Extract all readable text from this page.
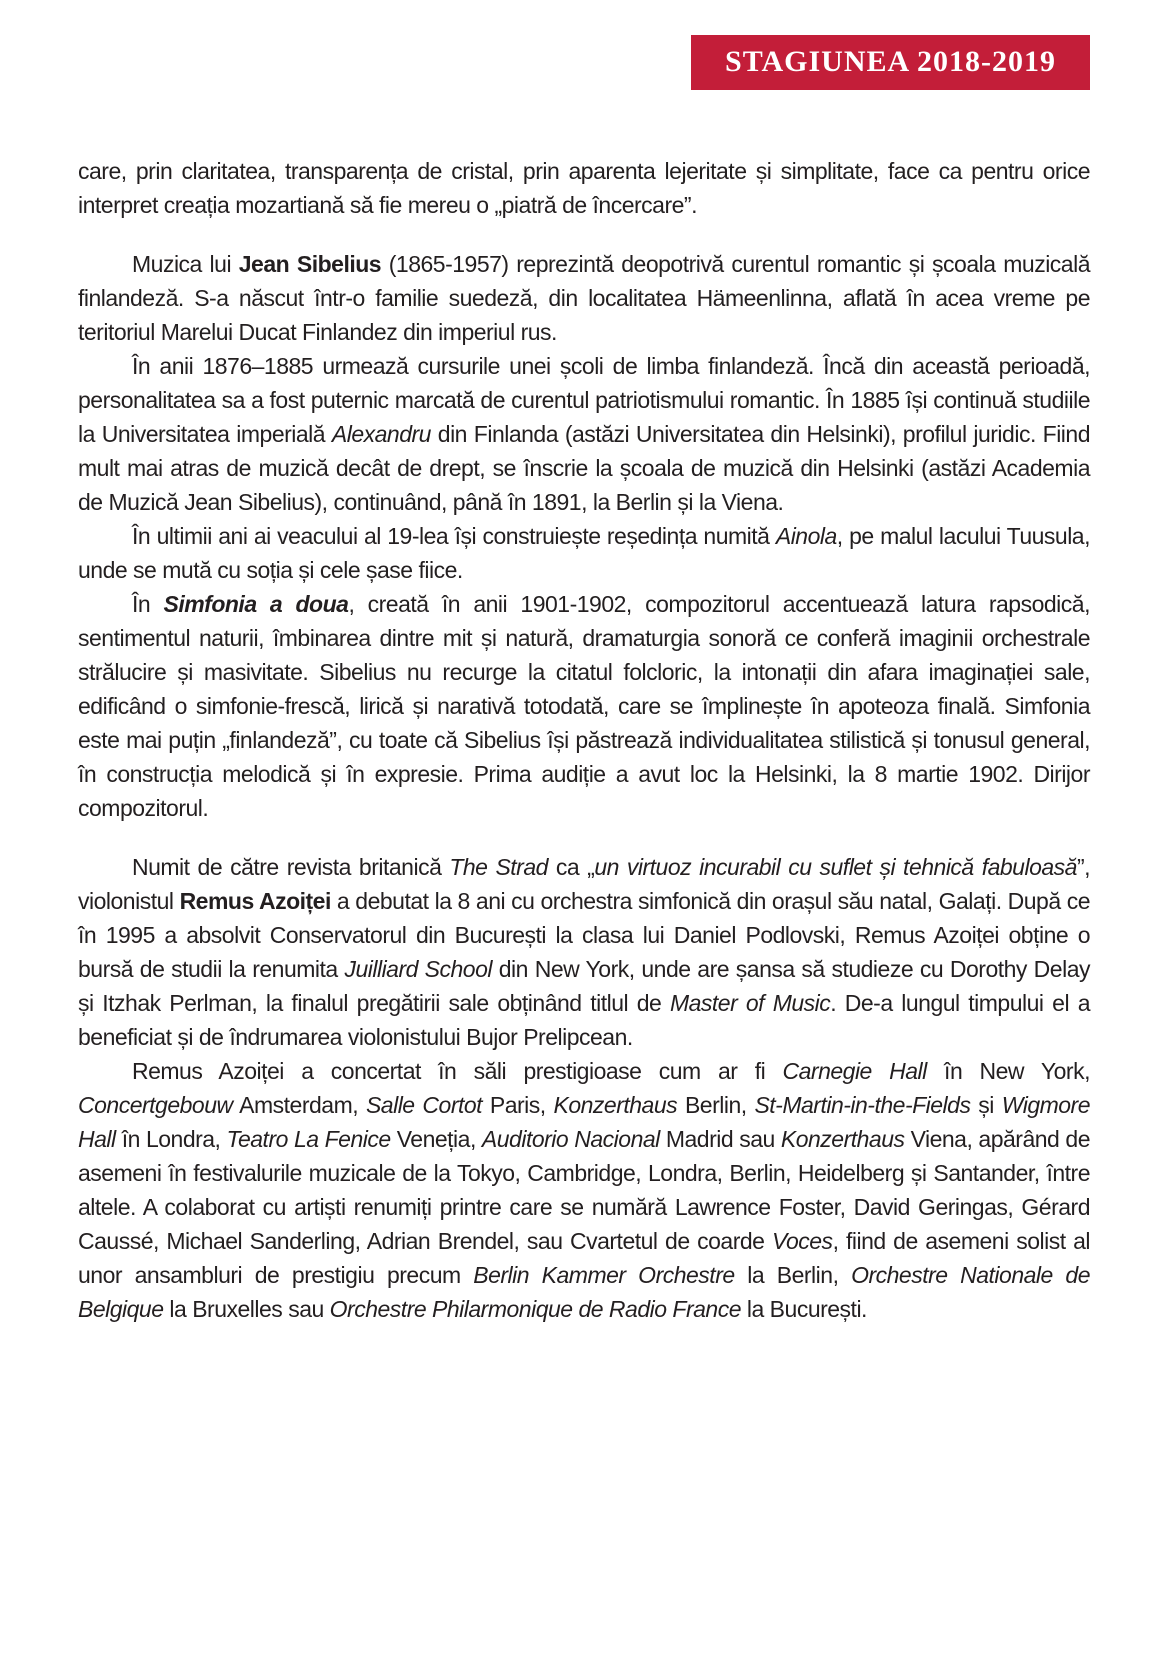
STAGIUNEA 2018-2019

care, prin claritatea, transparența de cristal, prin aparenta lejeritate și simplitate, face ca pentru orice interpret creația mozartiană să fie mereu o „piatră de încercare”.

Muzica lui Jean Sibelius (1865-1957) reprezintă deopotrivă curentul romantic și școala muzicală finlandeză. S-a născut într-o familie suedeză, din localitatea Hämeenlinna, aflată în acea vreme pe teritoriul Marelui Ducat Finlandez din imperiul rus.

În anii 1876–1885 urmează cursurile unei școli de limba finlandeză. Încă din această perioadă, personalitatea sa a fost puternic marcată de curentul patriotismului romantic. În 1885 își continuă studiile la Universitatea imperială Alexandru din Finlanda (astăzi Universitatea din Helsinki), profilul juridic. Fiind mult mai atras de muzică decât de drept, se înscrie la școala de muzică din Helsinki (astăzi Academia de Muzică Jean Sibelius), continuând, până în 1891, la Berlin și la Viena.

În ultimii ani ai veacului al 19-lea își construiește reședința numită Ainola, pe malul lacului Tuusula, unde se mută cu soția și cele șase fiice.

În Simfonia a doua, creată în anii 1901-1902, compozitorul accentuează latura rapsodică, sentimentul naturii, îmbinarea dintre mit și natură, dramaturgia sonoră ce conferă imaginii orchestrale strălucire și masivitate. Sibelius nu recurge la citatul folcloric, la intonații din afara imaginației sale, edificând o simfonie-frescă, lirică și narativă totodată, care se împlinește în apoteoza finală. Simfonia este mai puțin „finlandeză”, cu toate că Sibelius își păstrează individualitatea stilistică și tonusul general, în construcția melodică și în expresie. Prima audiție a avut loc la Helsinki, la 8 martie 1902. Dirijor compozitorul.

Numit de către revista britanică The Strad ca „un virtuoz incurabil cu suflet și tehnică fabuloasă”, violonistul Remus Azoiței a debutat la 8 ani cu orchestra simfonică din orașul său natal, Galați. După ce în 1995 a absolvit Conservatorul din București la clasa lui Daniel Podlovski, Remus Azoiței obține o bursă de studii la renumita Juilliard School din New York, unde are șansa să studieze cu Dorothy Delay și Itzhak Perlman, la finalul pregătirii sale obținând titlul de Master of Music. De-a lungul timpului el a beneficiat și de îndrumarea violonistului Bujor Prelipcean.

Remus Azoiței a concertat în săli prestigioase cum ar fi Carnegie Hall în New York, Concertgebouw Amsterdam, Salle Cortot Paris, Konzerthaus Berlin, St-Martin-in-the-Fields și Wigmore Hall în Londra, Teatro La Fenice Veneția, Auditorio Nacional Madrid sau Konzerthaus Viena, apărând de asemeni în festivalurile muzicale de la Tokyo, Cambridge, Londra, Berlin, Heidelberg și Santander, între altele. A colaborat cu artiști renumiți printre care se numără Lawrence Foster, David Geringas, Gérard Caussé, Michael Sanderling, Adrian Brendel, sau Cvartetul de coarde Voces, fiind de asemeni solist al unor ansambluri de prestigiu precum Berlin Kammer Orchestre la Berlin, Orchestre Nationale de Belgique la Bruxelles sau Orchestre Philarmonique de Radio France la București.
